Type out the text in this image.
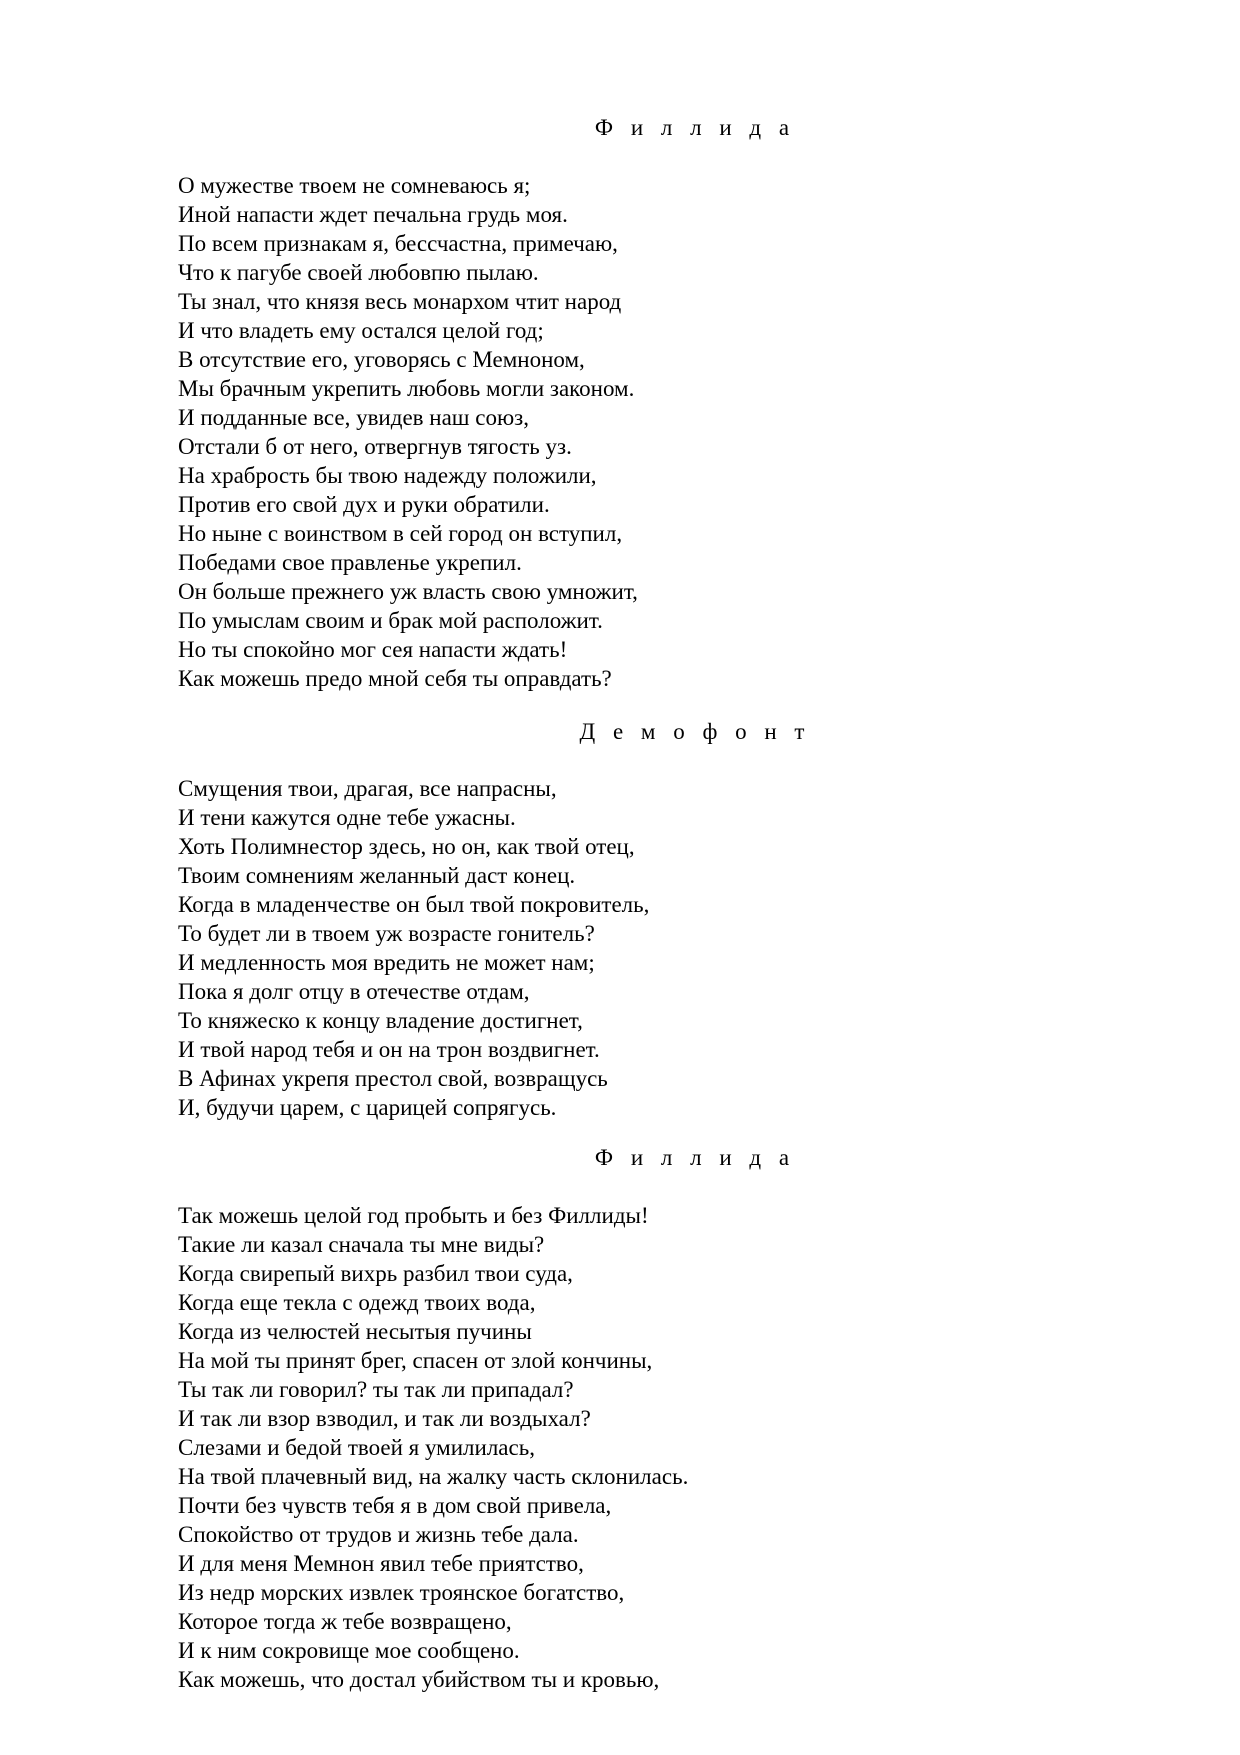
Ф и л л и д а
О мужестве твоем не сомневаюсь я;
Иной напасти ждет печальна грудь моя.
По всем признакам я, бессчастна, примечаю,
Что к пагубе своей любовпю пылаю.
Ты знал, что князя весь монархом чтит народ
И что владеть ему остался целой год;
В отсутствие его, уговорясь с Мемноном,
Мы брачным укрепить любовь могли законом.
И подданные все, увидев наш союз,
Отстали б от него, отвергнув тягость уз.
На храбрость бы твою надежду положили,
Против его свой дух и руки обратили.
Но ныне с воинством в сей город он вступил,
Победами свое правленье укрепил.
Он больше прежнего уж власть свою умножит,
По умыслам своим и брак мой расположит.
Но ты спокойно мог сея напасти ждать!
Как можешь предо мной себя ты оправдать?
Д е м о ф о н т
Смущения твои, драгая, все напрасны,
И тени кажутся одне тебе ужасны.
Хоть Полимнестор здесь, но он, как твой отец,
Твоим сомнениям желанный даст конец.
Когда в младенчестве он был твой покровитель,
То будет ли в твоем уж возрасте гонитель?
И медленность моя вредить не может нам;
Пока я долг отцу в отечестве отдам,
То княжеско к концу владение достигнет,
И твой народ тебя и он на трон воздвигнет.
В Афинах укрепя престол свой, возвращусь
И, будучи царем, с царицей сопрягусь.
Ф и л л и д а
Так можешь целой год пробыть и без Филлиды!
Такие ли казал сначала ты мне виды?
Когда свирепый вихрь разбил твои суда,
Когда еще текла с одежд твоих вода,
Когда из челюстей несытыя пучины
На мой ты принят брег, спасен от злой кончины,
Ты так ли говорил? ты так ли припадал?
И так ли взор взводил, и так ли воздыхал?
Слезами и бедой твоей я умилилась,
На твой плачевный вид, на жалку часть склонилась.
Почти без чувств тебя я в дом свой привела,
Спокойство от трудов и жизнь тебе дала.
И для меня Мемнон явил тебе приятство,
Из недр морских извлек троянское богатство,
Которое тогда ж тебе возвращено,
И к ним сокровище мое сообщено.
Как можешь, что достал убийством ты и кровью,
